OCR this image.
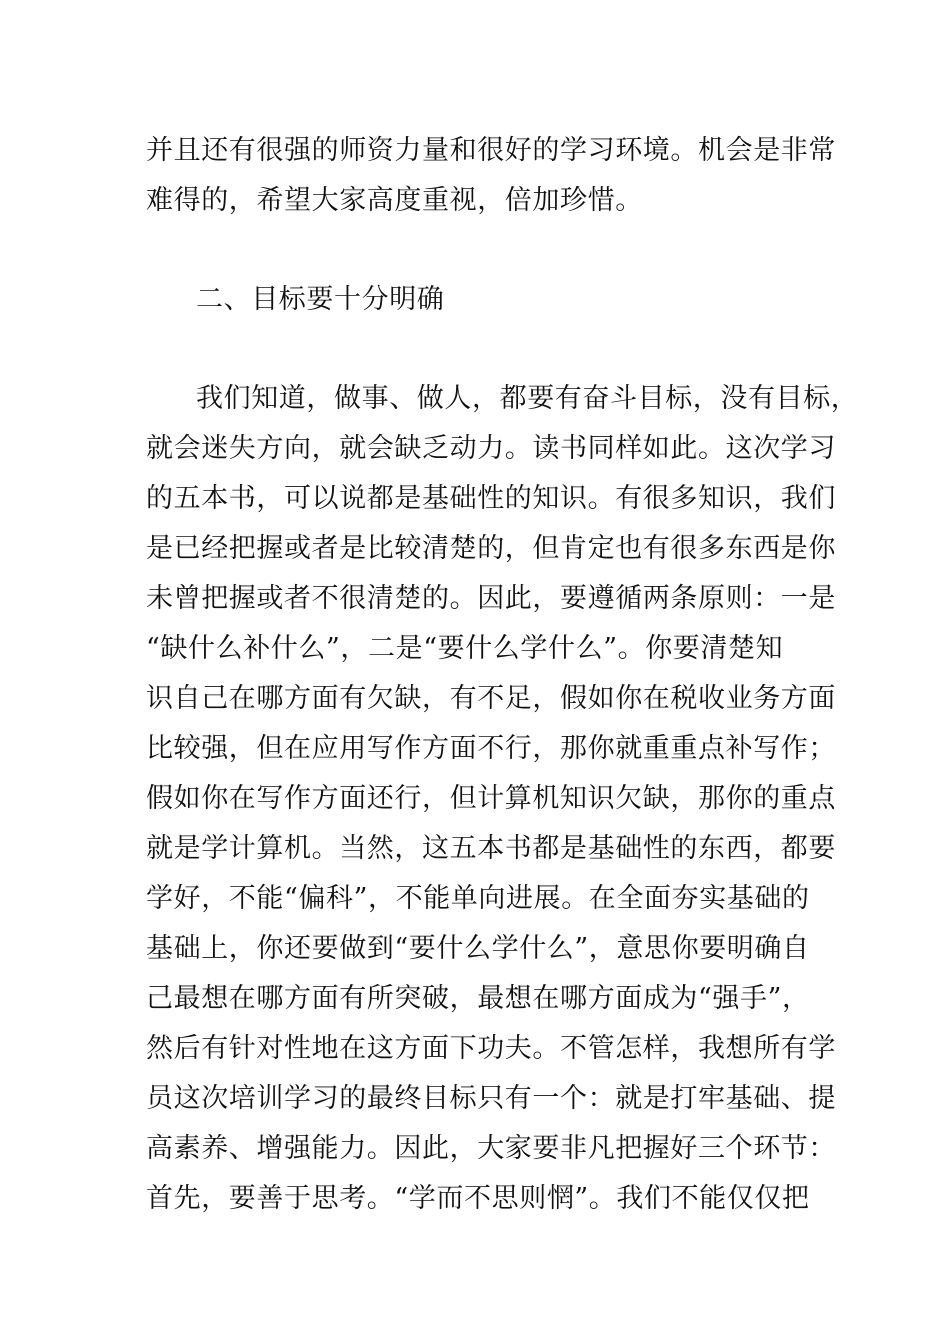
并且还有很强的师资力量和很好的学习环境。机会是非常
难得的，希望大家高度重视，倍加珍惜。
二、目标要十分明确
我们知道，做事、做人，都要有奋斗目标，没有目标，
就会迷失方向，就会缺乏动力。读书同样如此。这次学习
的五本书，可以说都是基础性的知识。有很多知识，我们
是已经把握或者是比较清楚的，但肯定也有很多东西是你
未曾把握或者不很清楚的。因此，要遵循两条原则：一是
“缺什么补什么”，二是“要什么学什么”。你要清楚知
识自己在哪方面有欠缺，有不足，假如你在税收业务方面
比较强，但在应用写作方面不行，那你就重重点补写作；
假如你在写作方面还行，但计算机知识欠缺，那你的重点
就是学计算机。当然，这五本书都是基础性的东西，都要
学好，不能“偏科”，不能单向进展。在全面夯实基础的
基础上，你还要做到“要什么学什么”，意思你要明确自
己最想在哪方面有所突破，最想在哪方面成为“强手”，
然后有针对性地在这方面下功夫。不管怎样，我想所有学
员这次培训学习的最终目标只有一个：就是打牢基础、提
高素养、增强能力。因此，大家要非凡把握好三个环节：
首先，要善于思考。“学而不思则惘”。我们不能仅仅把
